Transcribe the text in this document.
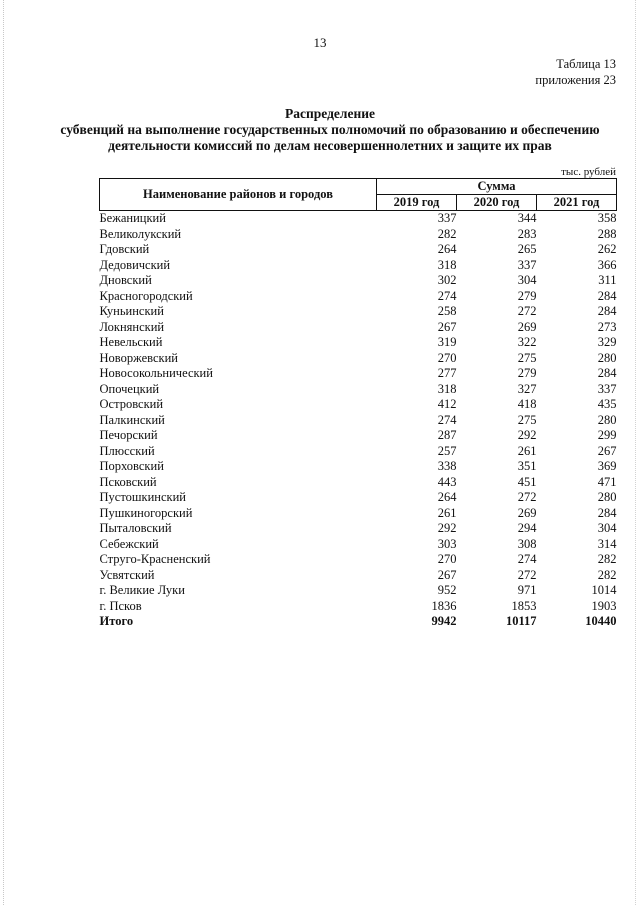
13
Таблица 13
приложения 23
Распределение
субвенций на выполнение государственных полномочий по образованию и обеспечению
деятельности комиссий по делам несовершеннолетних и защите их прав
тыс. рублей
Наименование районов и городов	Сумма		
	2019 год	2020 год	2021 год
Бежаницкий	337	344	358
Великолукский	282	283	288
Гдовский	264	265	262
Дедовичский	318	337	366
Дновский	302	304	311
Красногородский	274	279	284
Куньинский	258	272	284
Локнянский	267	269	273
Невельский	319	322	329
Новоржевский	270	275	280
Новосокольнический	277	279	284
Опочецкий	318	327	337
Островский	412	418	435
Палкинский	274	275	280
Печорский	287	292	299
Плюсский	257	261	267
Порховский	338	351	369
Псковский	443	451	471
Пустошкинский	264	272	280
Пушкиногорский	261	269	284
Пыталовский	292	294	304
Себежский	303	308	314
Струго-Красненский	270	274	282
Усвятский	267	272	282
г. Великие Луки	952	971	1014
г. Псков	1836	1853	1903
Итого	9942	10117	10440
